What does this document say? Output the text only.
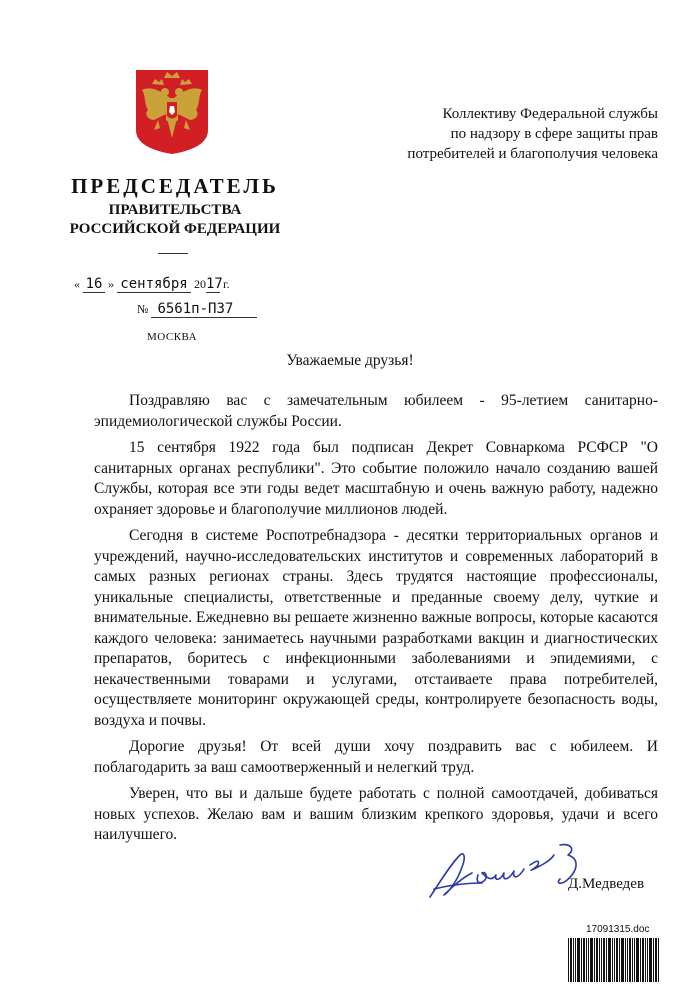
ПРЕДСЕДАТЕЛЬ
ПРАВИТЕЛЬСТВА
РОССИЙСКОЙ ФЕДЕРАЦИИ
Коллективу Федеральной службы
по надзору в сфере защиты прав
потребителей и благополучия человека
« 16 » сентября 2017 г.
№ 6561п-П37
МОСКВА
Уважаемые друзья!

Поздравляю вас с замечательным юбилеем - 95-летием санитарно-эпидемиологической службы России.

15 сентября 1922 года был подписан Декрет Совнаркома РСФСР "О санитарных органах республики". Это событие положило начало созданию вашей Службы, которая все эти годы ведет масштабную и очень важную работу, надежно охраняет здоровье и благополучие миллионов людей.

Сегодня в системе Роспотребнадзора - десятки территориальных органов и учреждений, научно-исследовательских институтов и современных лабораторий в самых разных регионах страны. Здесь трудятся настоящие профессионалы, уникальные специалисты, ответственные и преданные своему делу, чуткие и внимательные. Ежедневно вы решаете жизненно важные вопросы, которые касаются каждого человека: занимаетесь научными разработками вакцин и диагностических препаратов, боритесь с инфекционными заболеваниями и эпидемиями, с некачественными товарами и услугами, отстаиваете права потребителей, осуществляете мониторинг окружающей среды, контролируете безопасность воды, воздуха и почвы.

Дорогие друзья! От всей души хочу поздравить вас с юбилеем. И поблагодарить за ваш самоотверженный и нелегкий труд.

Уверен, что вы и дальше будете работать с полной самоотдачей, добиваться новых успехов. Желаю вам и вашим близким крепкого здоровья, удачи и всего наилучшего.

Д.Медведев
17091315.doc
